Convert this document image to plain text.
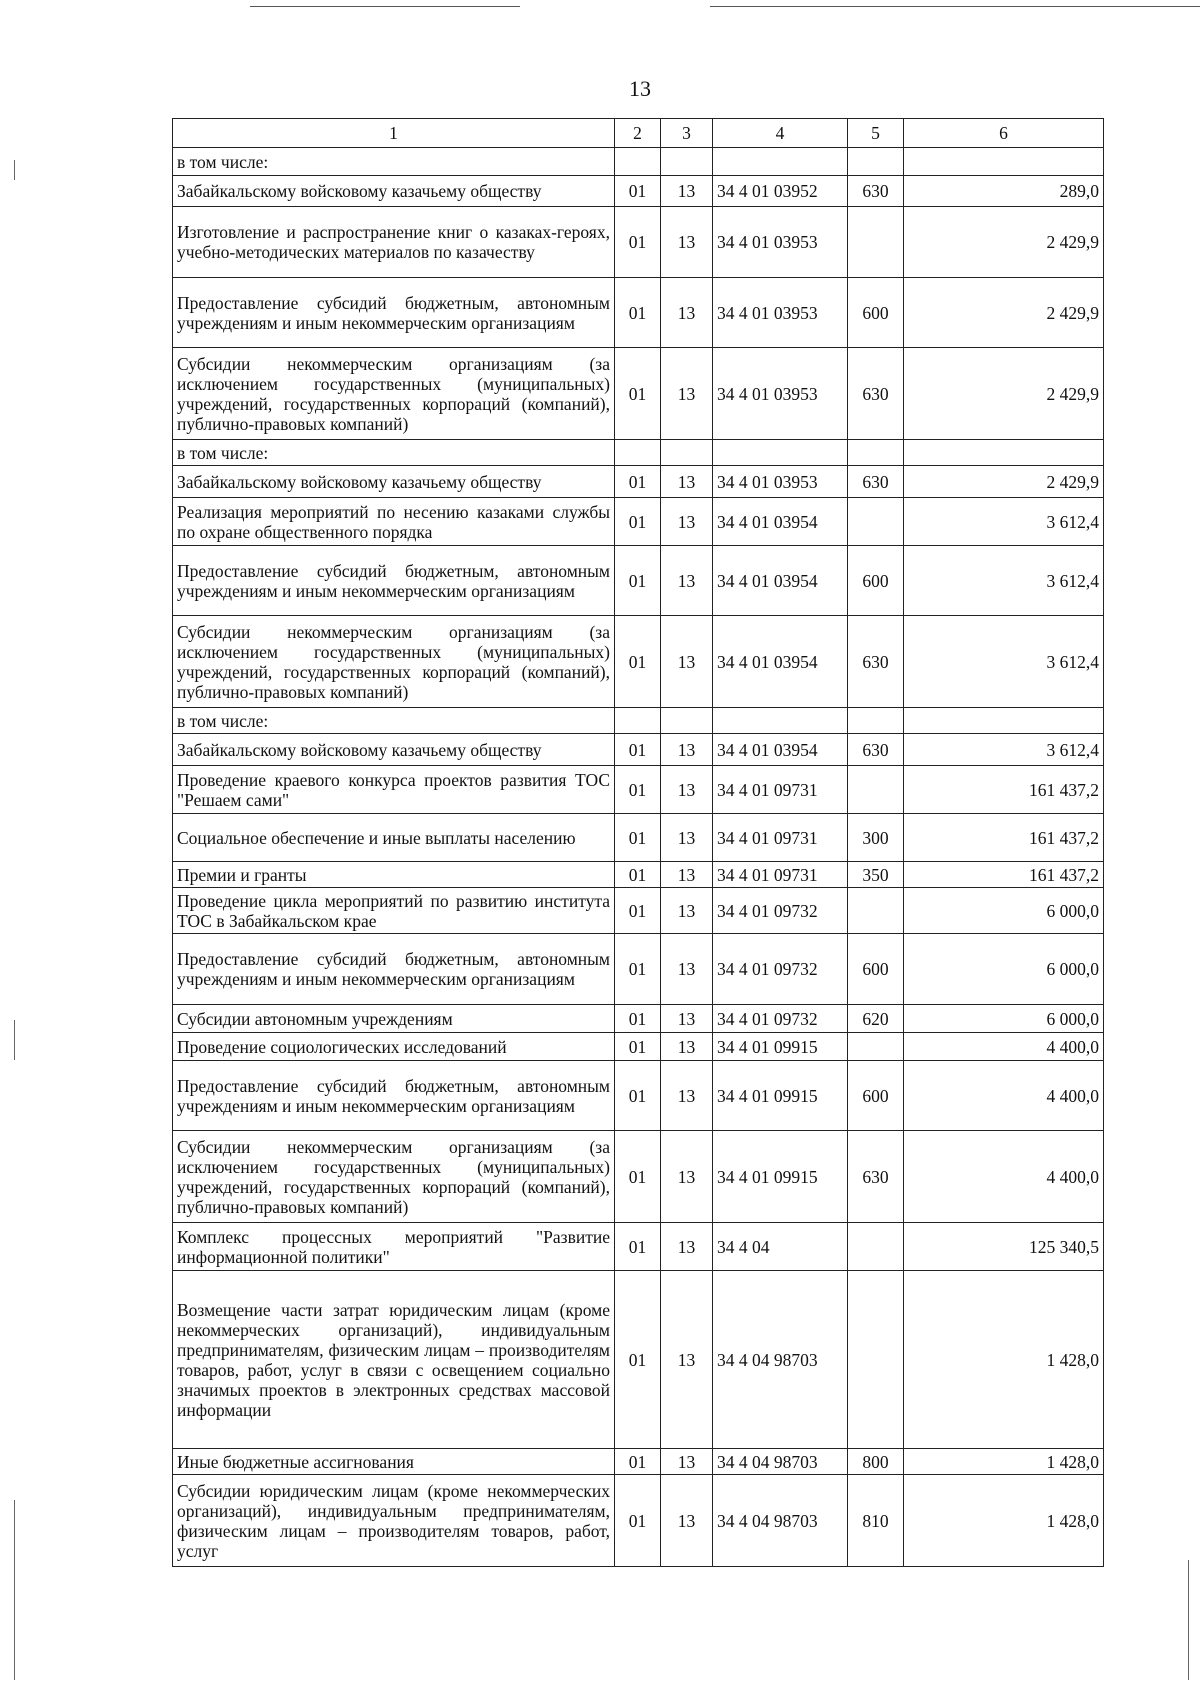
13
1	2	3	4	5	6
в том числе:					
Забайкальскому войсковому казачьему обществу	01	13	34 4 01 03952	630	289,0
Изготовление и распространение книг о казаках-героях, учебно-методических материалов по казачеству	01	13	34 4 01 03953		2 429,9
Предоставление субсидий бюджетным, автономным учреждениям и иным некоммерческим организациям	01	13	34 4 01 03953	600	2 429,9
Субсидии некоммерческим организациям (за исключением государственных (муниципальных) учреждений, государственных корпораций (компаний), публично-правовых компаний)	01	13	34 4 01 03953	630	2 429,9
в том числе:					
Забайкальскому войсковому казачьему обществу	01	13	34 4 01 03953	630	2 429,9
Реализация мероприятий по несению казаками службы по охране общественного порядка	01	13	34 4 01 03954		3 612,4
Предоставление субсидий бюджетным, автономным учреждениям и иным некоммерческим организациям	01	13	34 4 01 03954	600	3 612,4
Субсидии некоммерческим организациям (за исключением государственных (муниципальных) учреждений, государственных корпораций (компаний), публично-правовых компаний)	01	13	34 4 01 03954	630	3 612,4
в том числе:					
Забайкальскому войсковому казачьему обществу	01	13	34 4 01 03954	630	3 612,4
Проведение краевого конкурса проектов развития ТОС "Решаем сами"	01	13	34 4 01 09731		161 437,2
Социальное обеспечение и иные выплаты населению	01	13	34 4 01 09731	300	161 437,2
Премии и гранты	01	13	34 4 01 09731	350	161 437,2
Проведение цикла мероприятий по развитию института ТОС в Забайкальском крае	01	13	34 4 01 09732		6 000,0
Предоставление субсидий бюджетным, автономным учреждениям и иным некоммерческим организациям	01	13	34 4 01 09732	600	6 000,0
Субсидии автономным учреждениям	01	13	34 4 01 09732	620	6 000,0
Проведение социологических исследований	01	13	34 4 01 09915		4 400,0
Предоставление субсидий бюджетным, автономным учреждениям и иным некоммерческим организациям	01	13	34 4 01 09915	600	4 400,0
Субсидии некоммерческим организациям (за исключением государственных (муниципальных) учреждений, государственных корпораций (компаний), публично-правовых компаний)	01	13	34 4 01 09915	630	4 400,0
Комплекс процессных мероприятий "Развитие информационной политики"	01	13	34 4 04		125 340,5
Возмещение части затрат юридическим лицам (кроме некоммерческих организаций), индивидуальным предпринимателям, физическим лицам – производителям товаров, работ, услуг в связи с освещением социально значимых проектов в электронных средствах массовой информации	01	13	34 4 04 98703		1 428,0
Иные бюджетные ассигнования	01	13	34 4 04 98703	800	1 428,0
Субсидии юридическим лицам (кроме некоммерческих организаций), индивидуальным предпринимателям, физическим лицам – производителям товаров, работ, услуг	01	13	34 4 04 98703	810	1 428,0
